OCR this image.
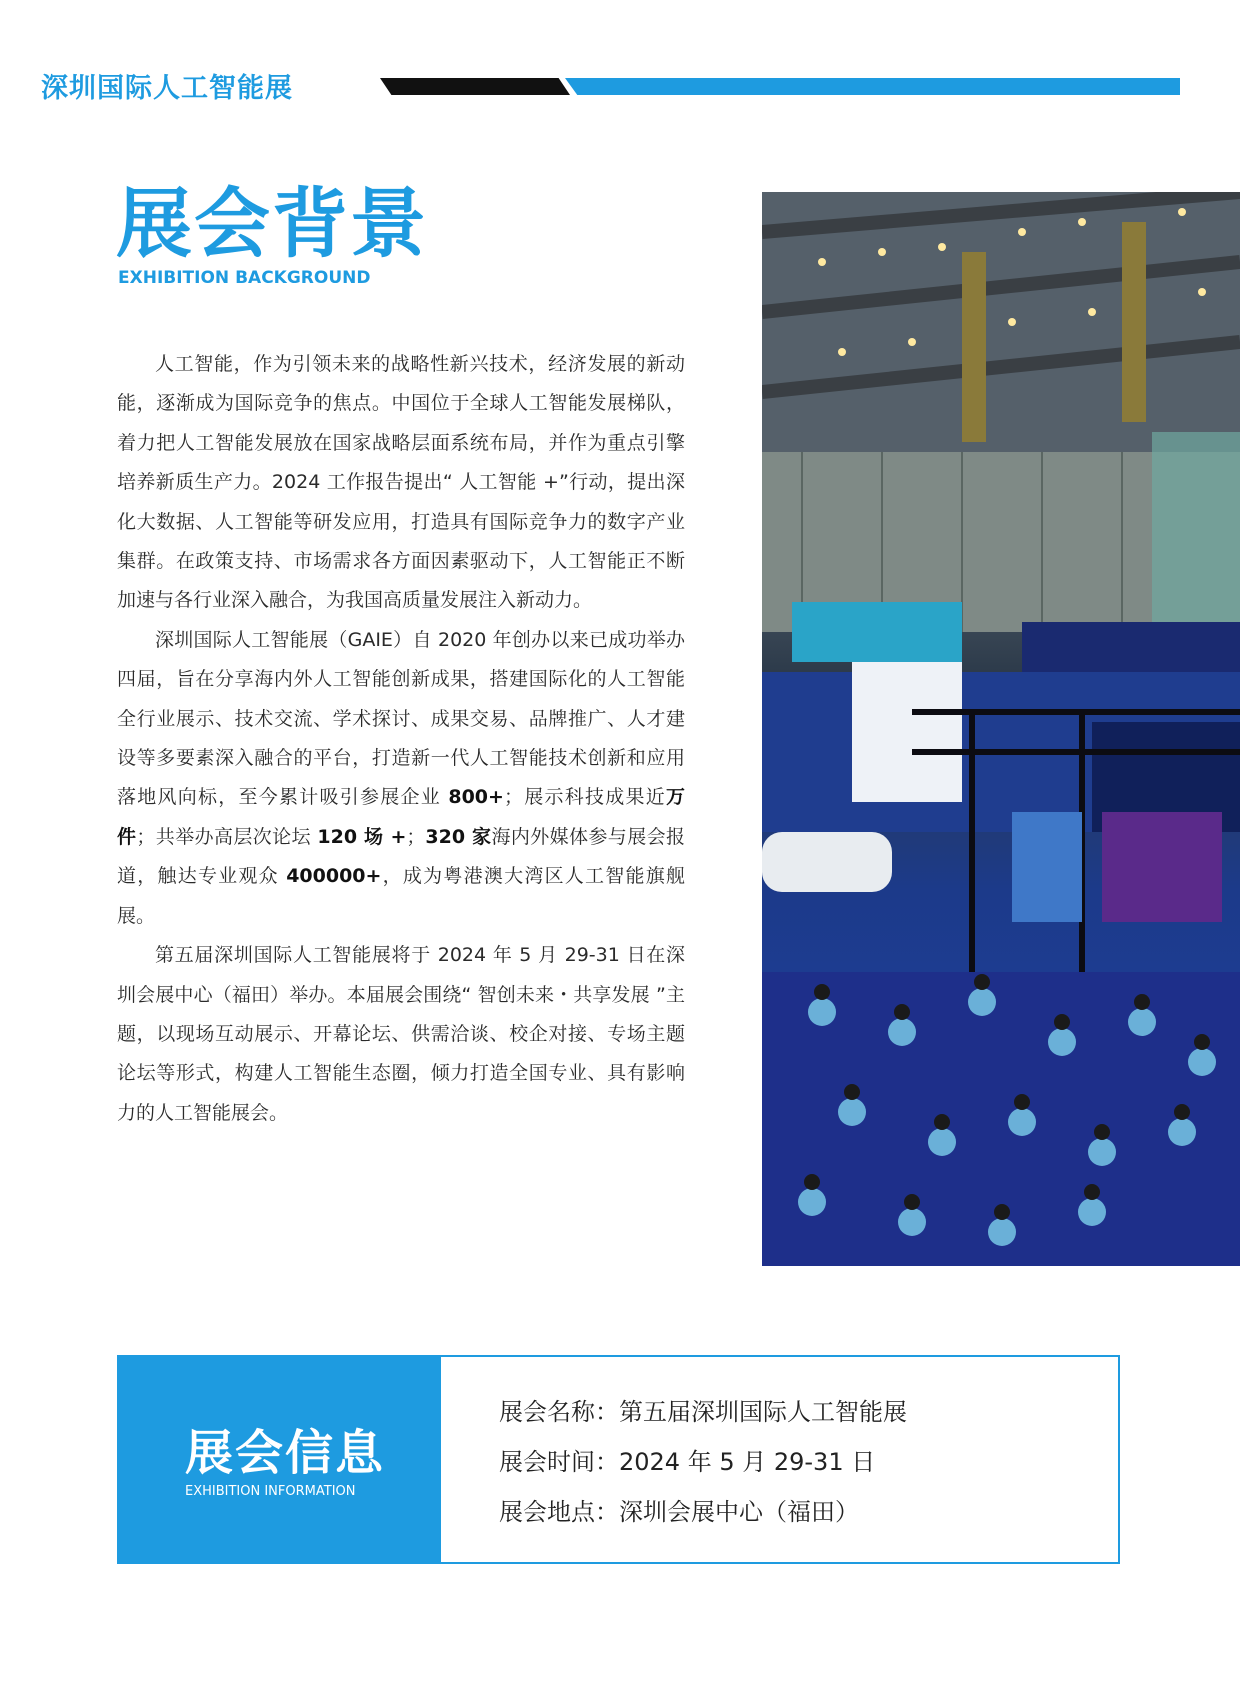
深圳国际人工智能展
展会背景
EXHIBITION BACKGROUND

人工智能，作为引领未来的战略性新兴技术，经济发展的新动能，逐渐成为国际竞争的焦点。中国位于全球人工智能发展梯队，着力把人工智能发展放在国家战略层面系统布局，并作为重点引擎培养新质生产力。2024 工作报告提出“ 人工智能 +”行动，提出深化大数据、人工智能等研发应用，打造具有国际竞争力的数字产业集群。在政策支持、市场需求各方面因素驱动下，人工智能正不断加速与各行业深入融合，为我国高质量发展注入新动力。

深圳国际人工智能展（GAIE）自 2020 年创办以来已成功举办四届，旨在分享海内外人工智能创新成果，搭建国际化的人工智能全行业展示、技术交流、学术探讨、成果交易、品牌推广、人才建设等多要素深入融合的平台，打造新一代人工智能技术创新和应用落地风向标，至今累计吸引参展企业 800+；展示科技成果近万件；共举办高层次论坛 120 场 +；320 家海内外媒体参与展会报道，触达专业观众 400000+，成为粤港澳大湾区人工智能旗舰展。

第五届深圳国际人工智能展将于 2024 年 5 月 29-31 日在深圳会展中心（福田）举办。本届展会围绕“ 智创未来・共享发展 ”主题，以现场互动展示、开幕论坛、供需洽谈、校企对接、专场主题论坛等形式，构建人工智能生态圈，倾力打造全国专业、具有影响力的人工智能展会。

展会信息
EXHIBITION INFORMATION
展会名称：第五届深圳国际人工智能展
展会时间：2024 年 5 月 29-31 日
展会地点：深圳会展中心（福田）
